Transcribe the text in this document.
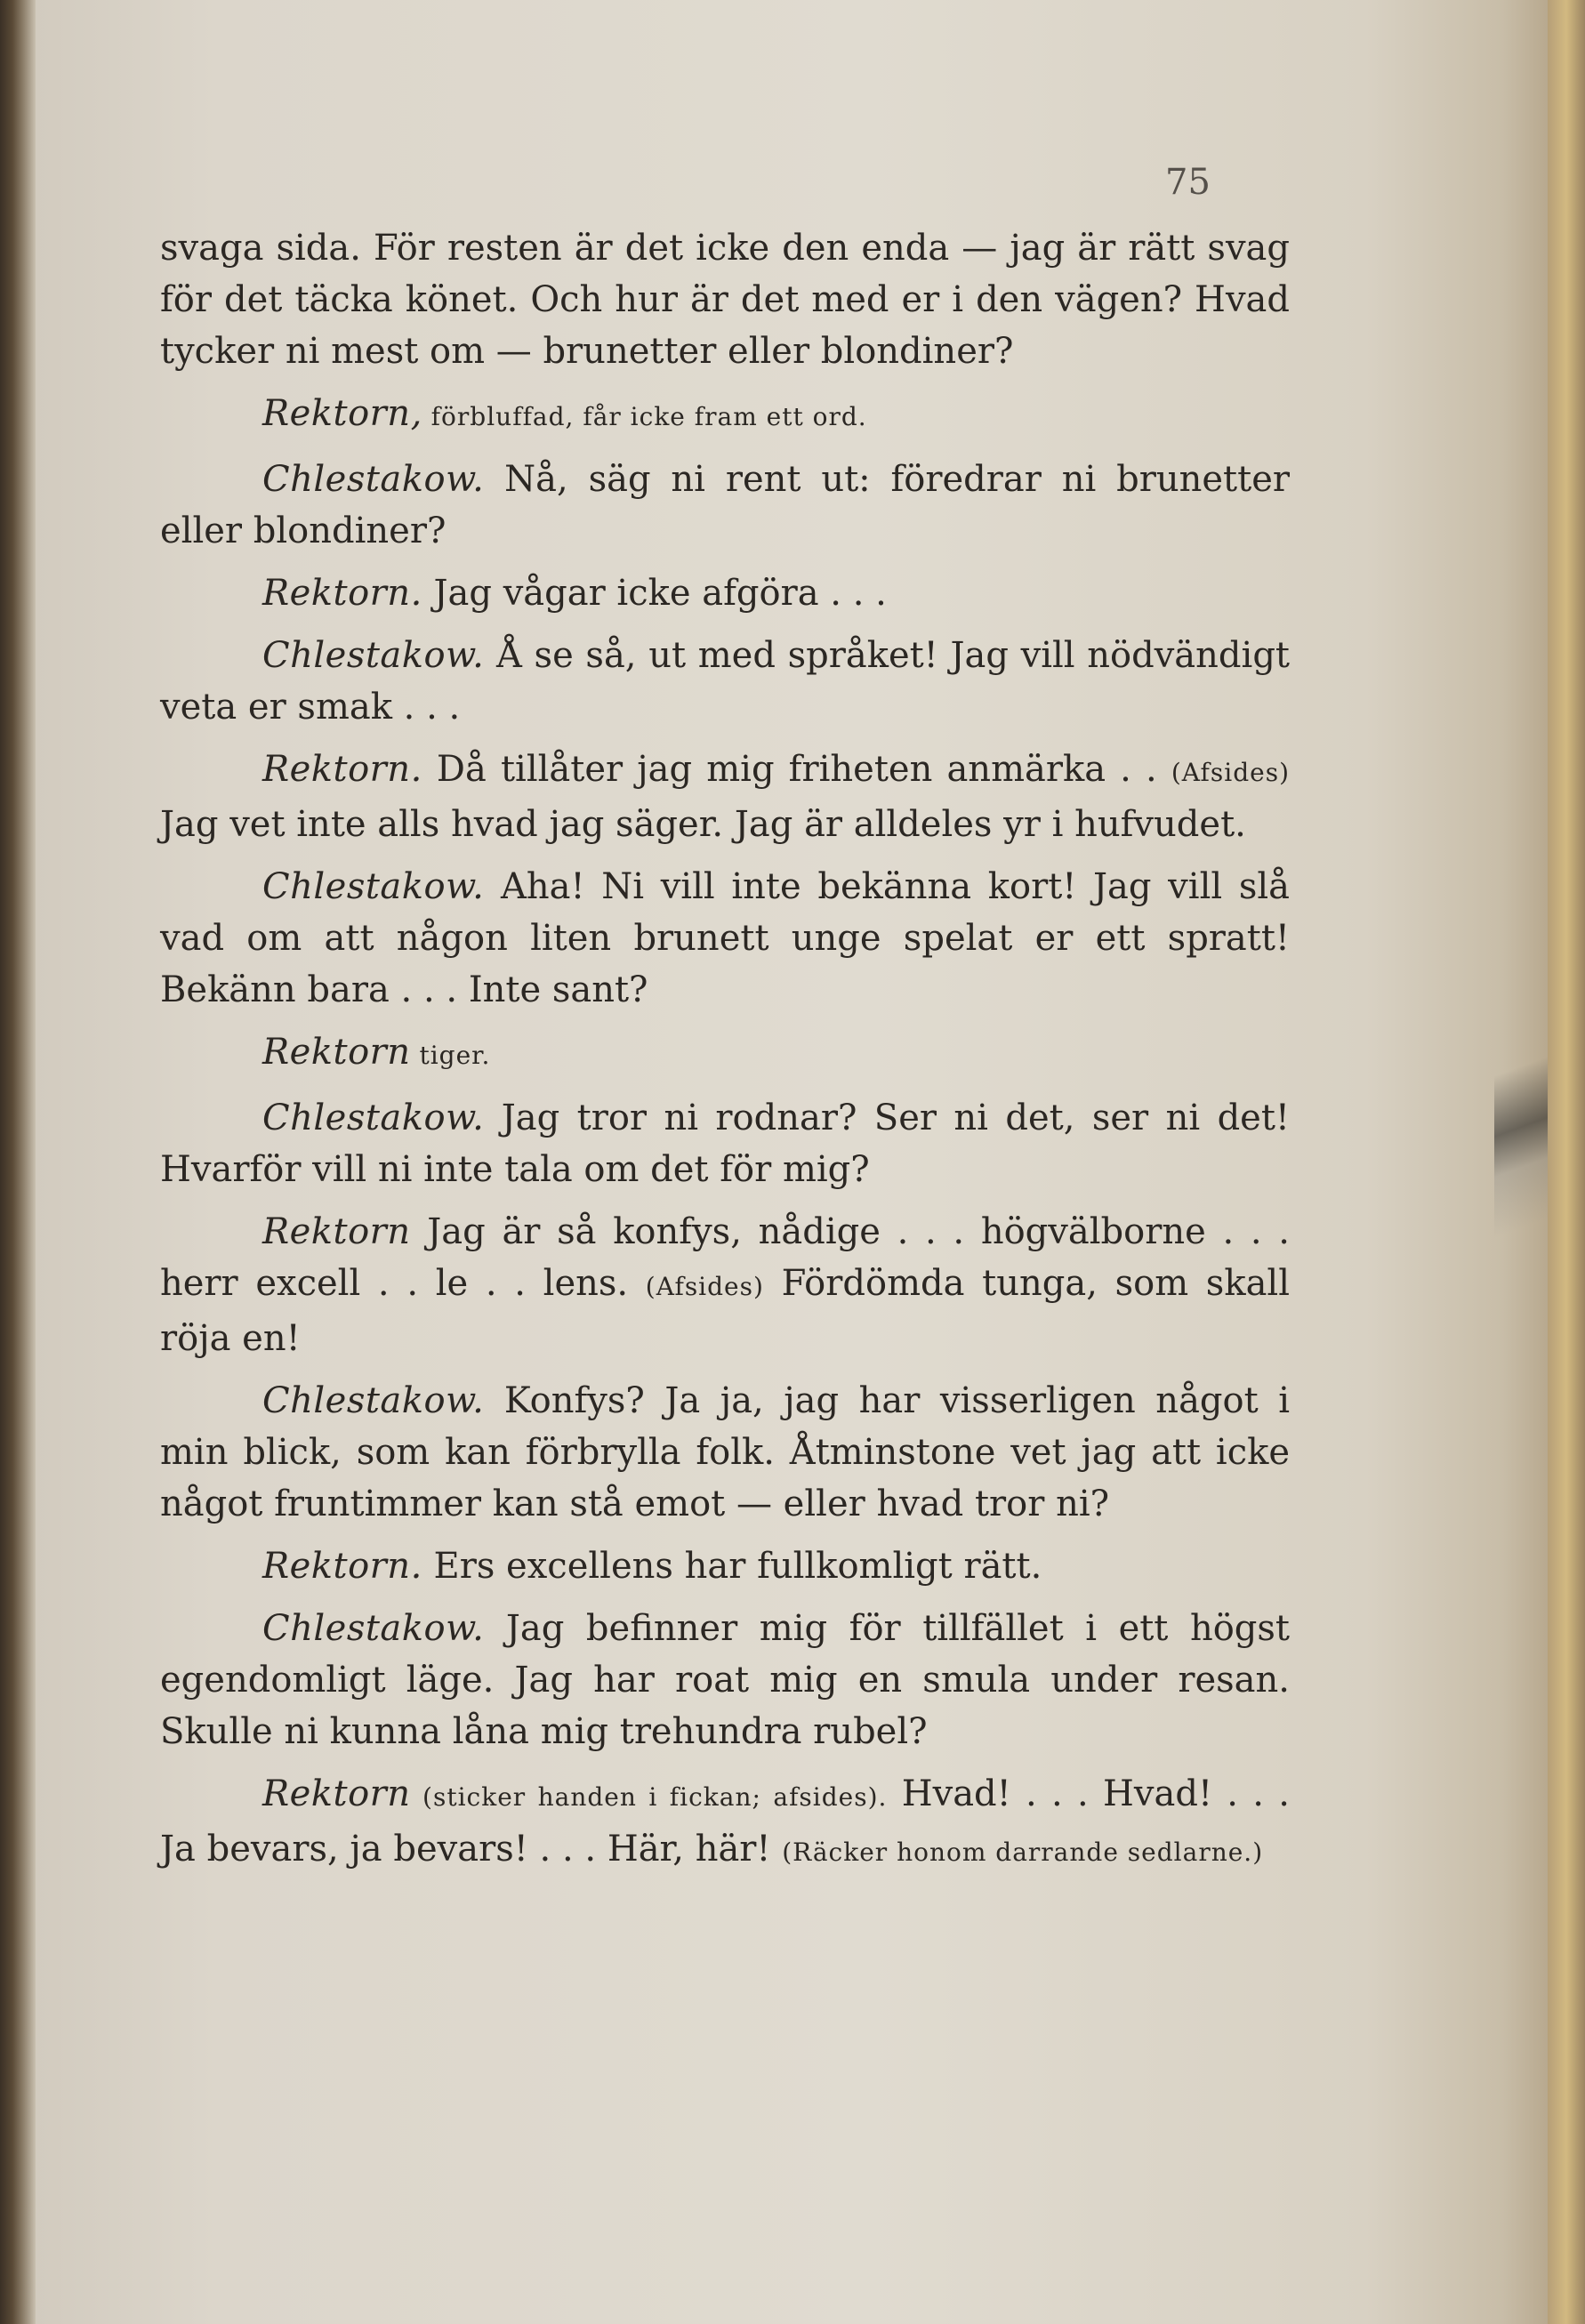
75

svaga sida. För resten är det icke den enda — jag är rätt svag för det täcka könet. Och hur är det med er i den vägen? Hvad tycker ni mest om — brunetter eller blondiner?

Rektorn, förbluffad, får icke fram ett ord.

Chlestakow. Nå, säg ni rent ut: föredrar ni brunetter eller blondiner?

Rektorn. Jag vågar icke afgöra . . .

Chlestakow. Å se så, ut med språket! Jag vill nödvändigt veta er smak . . .

Rektorn. Då tillåter jag mig friheten anmärka . . (Afsides) Jag vet inte alls hvad jag säger. Jag är alldeles yr i hufvudet.

Chlestakow. Aha! Ni vill inte bekänna kort! Jag vill slå vad om att någon liten brunett unge spelat er ett spratt! Bekänn bara . . . Inte sant?

Rektorn tiger.

Chlestakow. Jag tror ni rodnar? Ser ni det, ser ni det! Hvarför vill ni inte tala om det för mig?

Rektorn Jag är så konfys, nådige . . . högvälborne . . . herr excell . . le . . lens. (Afsides) Fördömda tunga, som skall röja en!

Chlestakow. Konfys? Ja ja, jag har visserligen något i min blick, som kan förbrylla folk. Åtminstone vet jag att icke något fruntimmer kan stå emot — eller hvad tror ni?

Rektorn. Ers excellens har fullkomligt rätt.

Chlestakow. Jag befinner mig för tillfället i ett högst egendomligt läge. Jag har roat mig en smula under resan. Skulle ni kunna låna mig trehundra rubel?

Rektorn (sticker handen i fickan; afsides). Hvad! . . . Hvad! . . . Ja bevars, ja bevars! . . . Här, här! (Räcker honom darrande sedlarne.)
